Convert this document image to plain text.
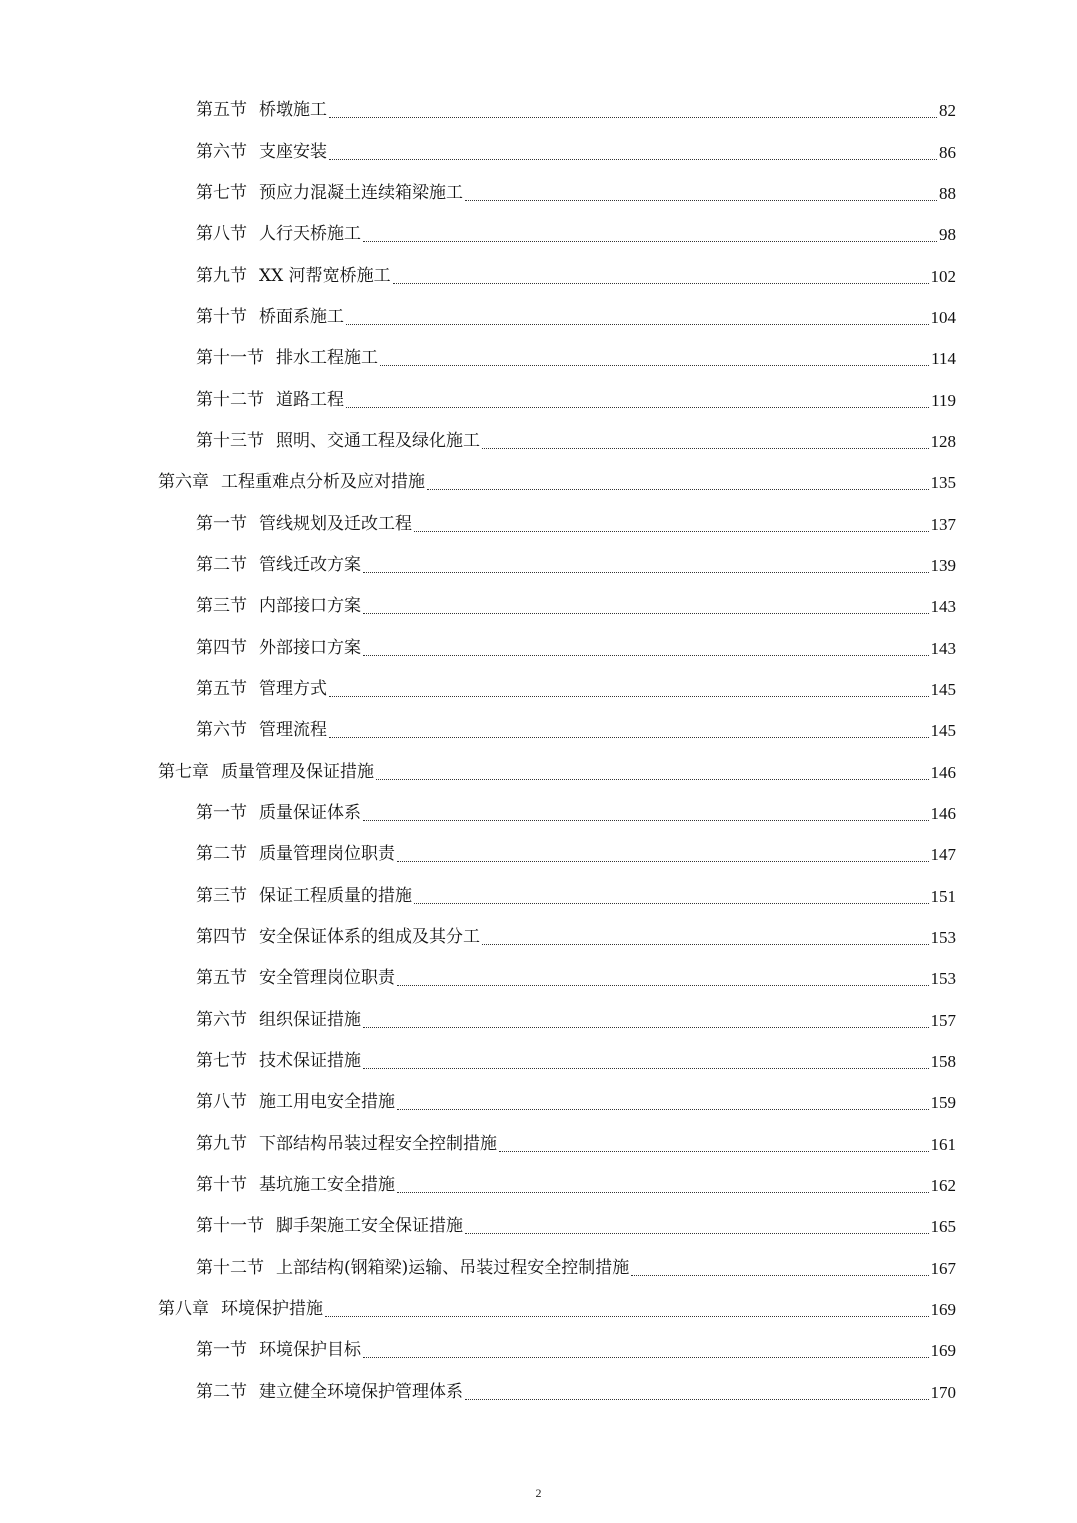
第五节 桥墩施工	82
第六节 支座安装	86
第七节 预应力混凝土连续箱梁施工	88
第八节 人行天桥施工	98
第九节 XX 河帮宽桥施工	102
第十节 桥面系施工	104
第十一节 排水工程施工	114
第十二节 道路工程	119
第十三节 照明、交通工程及绿化施工	128
第六章 工程重难点分析及应对措施	135
第一节 管线规划及迁改工程	137
第二节 管线迁改方案	139
第三节 内部接口方案	143
第四节 外部接口方案	143
第五节 管理方式	145
第六节 管理流程	145
第七章 质量管理及保证措施	146
第一节 质量保证体系	146
第二节 质量管理岗位职责	147
第三节 保证工程质量的措施	151
第四节 安全保证体系的组成及其分工	153
第五节 安全管理岗位职责	153
第六节 组织保证措施	157
第七节 技术保证措施	158
第八节 施工用电安全措施	159
第九节 下部结构吊装过程安全控制措施	161
第十节 基坑施工安全措施	162
第十一节 脚手架施工安全保证措施	165
第十二节 上部结构(钢箱梁)运输、吊装过程安全控制措施	167
第八章 环境保护措施	169
第一节 环境保护目标	169
第二节 建立健全环境保护管理体系	170
2
